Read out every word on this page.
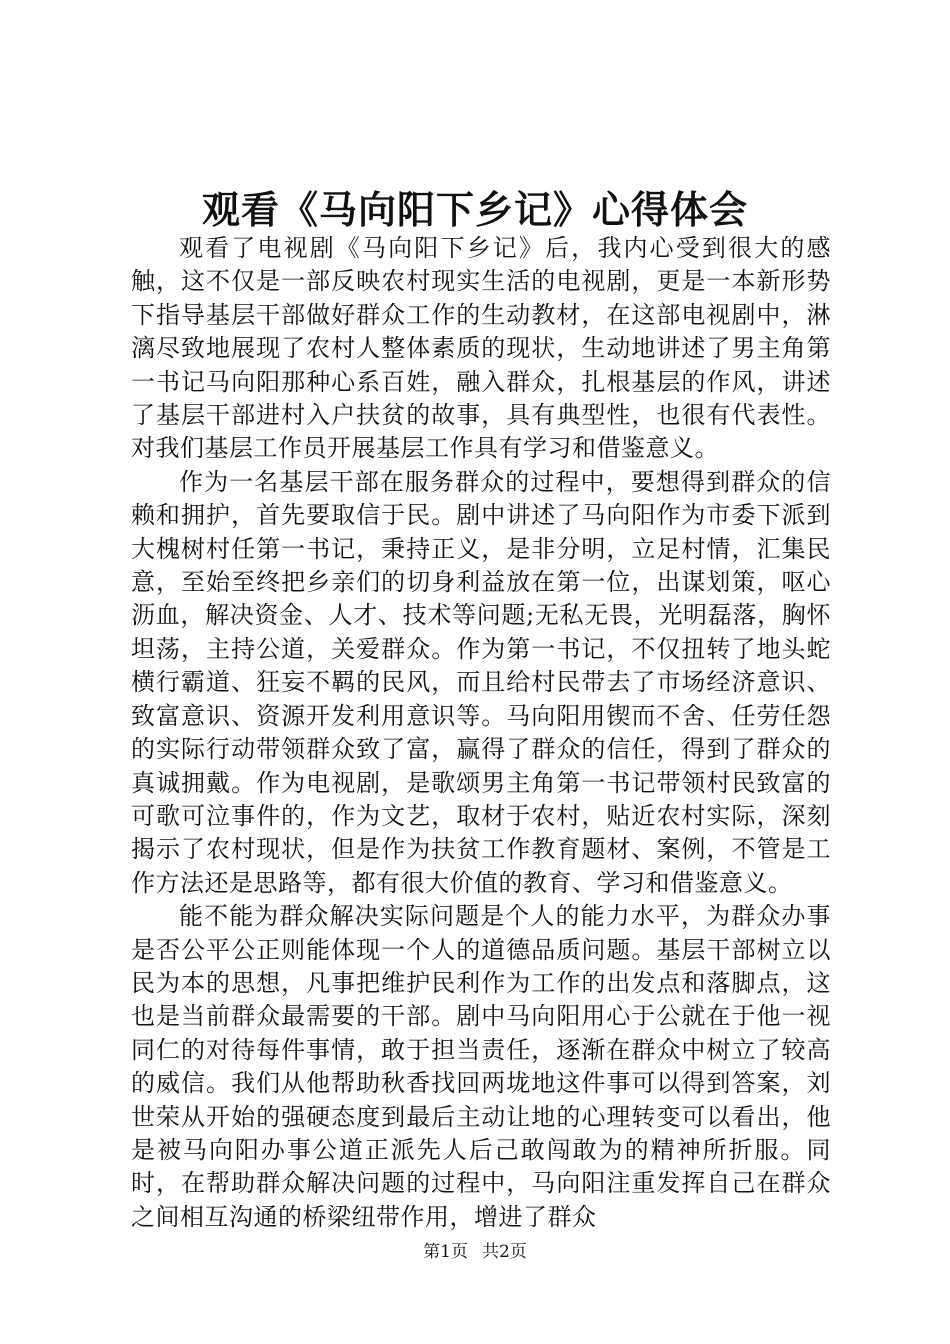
观看《马向阳下乡记》心得体会

观看了电视剧《马向阳下乡记》后，我内心受到很大的感触，这不仅是一部反映农村现实生活的电视剧，更是一本新形势下指导基层干部做好群众工作的生动教材，在这部电视剧中，淋漓尽致地展现了农村人整体素质的现状，生动地讲述了男主角第一书记马向阳那种心系百姓，融入群众，扎根基层的作风，讲述了基层干部进村入户扶贫的故事，具有典型性，也很有代表性。对我们基层工作员开展基层工作具有学习和借鉴意义。

作为一名基层干部在服务群众的过程中，要想得到群众的信赖和拥护，首先要取信于民。剧中讲述了马向阳作为市委下派到大槐树村任第一书记，秉持正义，是非分明，立足村情，汇集民意，至始至终把乡亲们的切身利益放在第一位，出谋划策，呕心沥血，解决资金、人才、技术等问题;无私无畏，光明磊落，胸怀坦荡，主持公道，关爱群众。作为第一书记，不仅扭转了地头蛇横行霸道、狂妄不羁的民风，而且给村民带去了市场经济意识、致富意识、资源开发利用意识等。马向阳用锲而不舍、任劳任怨的实际行动带领群众致了富，赢得了群众的信任，得到了群众的真诚拥戴。作为电视剧，是歌颂男主角第一书记带领村民致富的可歌可泣事件的，作为文艺，取材于农村，贴近农村实际，深刻揭示了农村现状，但是作为扶贫工作教育题材、案例，不管是工作方法还是思路等，都有很大价值的教育、学习和借鉴意义。

能不能为群众解决实际问题是个人的能力水平，为群众办事是否公平公正则能体现一个人的道德品质问题。基层干部树立以民为本的思想，凡事把维护民利作为工作的出发点和落脚点，这也是当前群众最需要的干部。剧中马向阳用心于公就在于他一视同仁的对待每件事情，敢于担当责任，逐渐在群众中树立了较高的威信。我们从他帮助秋香找回两垅地这件事可以得到答案，刘世荣从开始的强硬态度到最后主动让地的心理转变可以看出，他是被马向阳办事公道正派先人后己敢闯敢为的精神所折服。同时，在帮助群众解决问题的过程中，马向阳注重发挥自己在群众之间相互沟通的桥梁纽带作用，增进了群众

第1页 共2页
